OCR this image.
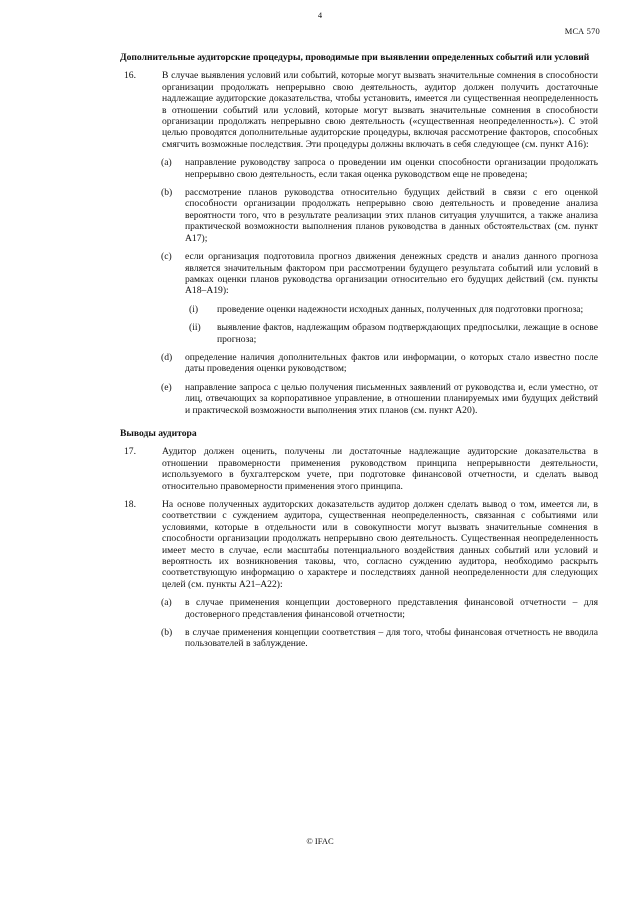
4
МСА 570
Дополнительные аудиторские процедуры, проводимые при выявлении определенных событий или условий
16.	В случае выявления условий или событий, которые могут вызвать значительные сомнения в способности организации продолжать непрерывно свою деятельность, аудитор должен получить достаточные надлежащие аудиторские доказательства, чтобы установить, имеется ли существенная неопределенность в отношении событий или условий, которые могут вызвать значительные сомнения в способности организации продолжать непрерывно свою деятельность («существенная неопределенность»). С этой целью проводятся дополнительные аудиторские процедуры, включая рассмотрение факторов, способных смягчить возможные последствия. Эти процедуры должны включать в себя следующее (см. пункт A16):
(a)	направление руководству запроса о проведении им оценки способности организации продолжать непрерывно свою деятельность, если такая оценка руководством еще не проведена;
(b)	рассмотрение планов руководства относительно будущих действий в связи с его оценкой способности организации продолжать непрерывно свою деятельность и проведение анализа вероятности того, что в результате реализации этих планов ситуация улучшится, а также анализа практической возможности выполнения планов руководства в данных обстоятельствах (см. пункт A17);
(c)	если организация подготовила прогноз движения денежных средств и анализ данного прогноза является значительным фактором при рассмотрении будущего результата событий или условий в рамках оценки планов руководства организации относительно его будущих действий (см. пункты A18–A19):
(i)	проведение оценки надежности исходных данных, полученных для подготовки прогноза;
(ii)	выявление фактов, надлежащим образом подтверждающих предпосылки, лежащие в основе прогноза;
(d)	определение наличия дополнительных фактов или информации, о которых стало известно после даты проведения оценки руководством;
(e)	направление запроса с целью получения письменных заявлений от руководства и, если уместно, от лиц, отвечающих за корпоративное управление, в отношении планируемых ими будущих действий и практической возможности выполнения этих планов (см. пункт A20).
Выводы аудитора
17.	Аудитор должен оценить, получены ли достаточные надлежащие аудиторские доказательства в отношении правомерности применения руководством принципа непрерывности деятельности, используемого в бухгалтерском учете, при подготовке финансовой отчетности, и сделать вывод относительно правомерности применения этого принципа.
18.	На основе полученных аудиторских доказательств аудитор должен сделать вывод о том, имеется ли, в соответствии с суждением аудитора, существенная неопределенность, связанная с событиями или условиями, которые в отдельности или в совокупности могут вызвать значительные сомнения в способности организации продолжать непрерывно свою деятельность. Существенная неопределенность имеет место в случае, если масштабы потенциального воздействия данных событий или условий и вероятность их возникновения таковы, что, согласно суждению аудитора, необходимо раскрыть соответствующую информацию о характере и последствиях данной неопределенности для следующих целей (см. пункты A21–A22):
(a)	в случае применения концепции достоверного представления финансовой отчетности – для достоверного представления финансовой отчетности;
(b)	в случае применения концепции соответствия – для того, чтобы финансовая отчетность не вводила пользователей в заблуждение.
© IFAC
